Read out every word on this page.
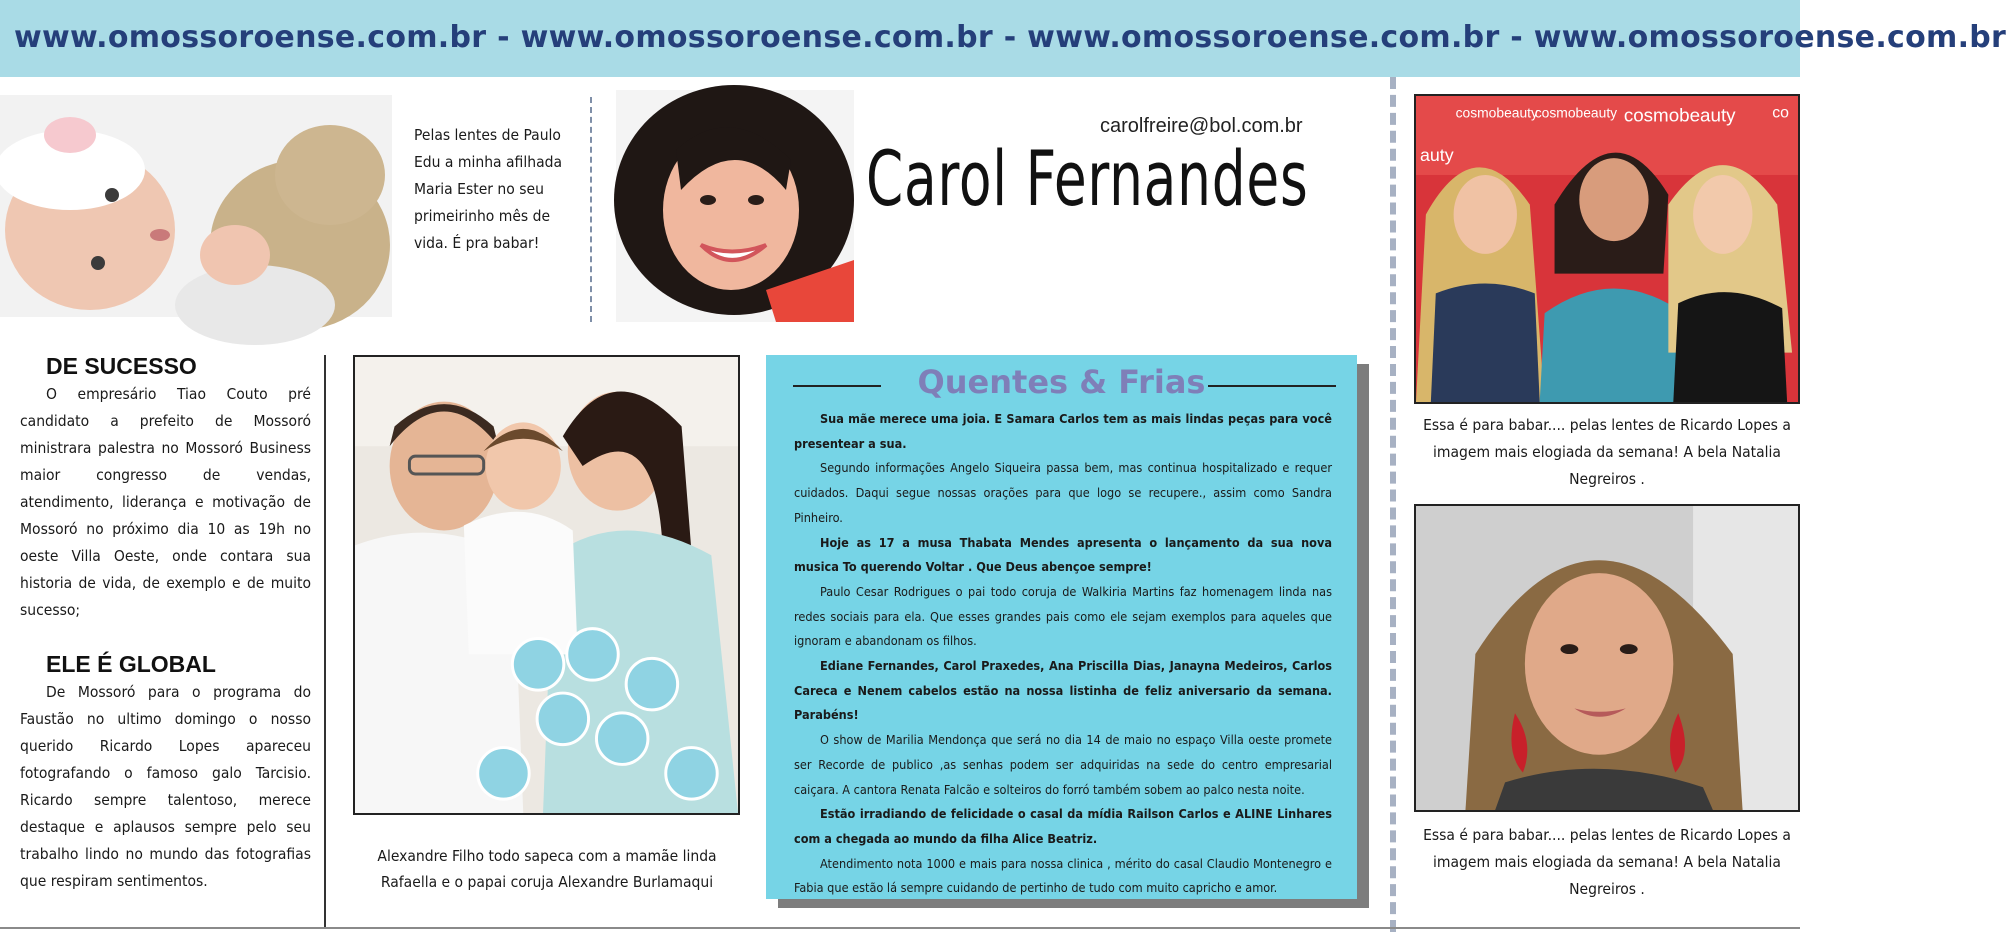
www.omossoroense.com.br - www.omossoroense.com.br - www.omossoroense.com.br - www.omossoroense.com.br
Pelas lentes de Paulo Edu a minha afilhada Maria Ester no seu primeirinho mês de vida. É pra babar!
carolfreire@bol.com.br
Carol Fernandes
DE SUCESSO
O empresário Tiao Couto pré candidato a prefeito de Mossoró ministrara palestra no Mossoró Business maior congresso de vendas, atendimento, liderança e motivação de Mossoró no próximo dia 10 as 19h no oeste Villa Oeste, onde contara sua historia de vida, de exemplo e de muito sucesso;
ELE É GLOBAL
De Mossoró para o programa do Faustão no ultimo domingo o nosso querido Ricardo Lopes apareceu fotografando o famoso galo Tarcisio. Ricardo sempre talentoso, merece destaque e aplausos sempre pelo seu trabalho lindo no mundo das fotografias que respiram sentimentos.
Alexandre Filho todo sapeca com a mamãe linda Rafaella e o papai coruja Alexandre Burlamaqui
Quentes & Frias

Sua mãe merece uma joia. E Samara Carlos tem as mais lindas peças para você presentear a sua.

Segundo informações Angelo Siqueira passa bem, mas continua hospitalizado e requer cuidados. Daqui segue nossas orações para que logo se recupere., assim como Sandra Pinheiro.

Hoje as 17 a musa Thabata Mendes apresenta o lançamento da sua nova musica To querendo Voltar . Que Deus abençoe sempre!

Paulo Cesar Rodrigues o pai todo coruja de Walkiria Martins faz homenagem linda nas redes sociais para ela. Que esses grandes pais como ele sejam exemplos para aqueles que ignoram e abandonam os filhos.

Ediane Fernandes, Carol Praxedes, Ana Priscilla Dias, Janayna Medeiros, Carlos Careca e Nenem cabelos estão na nossa listinha de feliz aniversario da semana. Parabéns!

O show de Marilia Mendonça que será no dia 14 de maio no espaço Villa oeste promete ser Recorde de publico ,as senhas podem ser adquiridas na sede do centro empresarial caiçara. A cantora Renata Falcão e solteiros do forró também sobem ao palco nesta noite.

Estão irradiando de felicidade o casal da mídia Railson Carlos e ALINE Linhares com a chegada ao mundo da filha Alice Beatriz.

Atendimento nota 1000 e mais para nossa clinica , mérito do casal Claudio Montenegro e Fabia que estão lá sempre cuidando de pertinho de tudo com muito capricho e amor.

cosmobeauty
cosmobeauty cosmobeauty
auty
co
Essa é para babar.... pelas lentes de Ricardo Lopes a imagem mais elogiada da semana! A bela Natalia Negreiros .
Essa é para babar.... pelas lentes de Ricardo Lopes a imagem mais elogiada da semana! A bela Natalia Negreiros .
